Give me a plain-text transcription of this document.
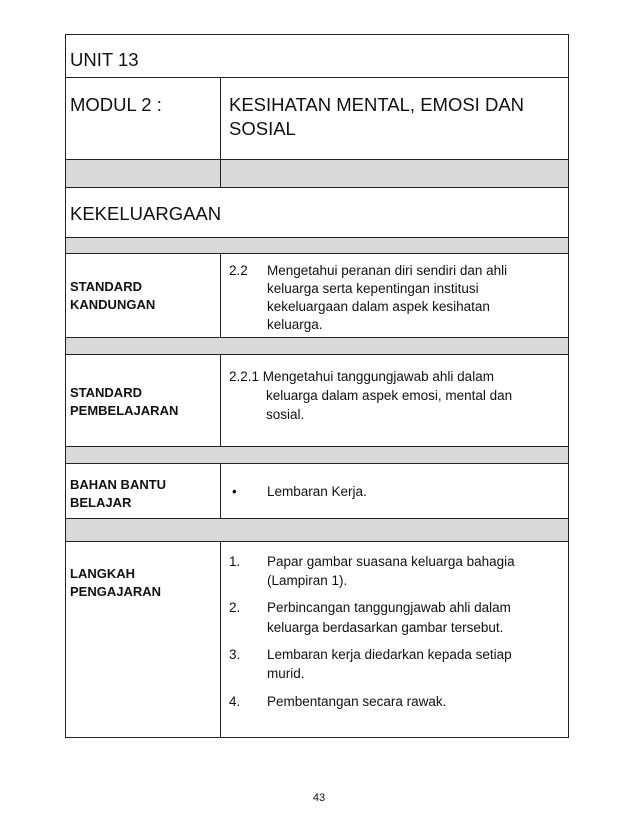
UNIT 13
MODUL 2 :	KESIHATAN MENTAL, EMOSI DAN
SOSIAL
KEKELUARGAAN
STANDARD
KANDUNGAN
2.2 Mengetahui peranan diri sendiri dan ahli
keluarga serta kepentingan institusi
kekeluargaan dalam aspek kesihatan
keluarga.
STANDARD
PEMBELAJARAN
2.2.1 Mengetahui tanggungjawab ahli dalam
keluarga dalam aspek emosi, mental dan
sosial.
BAHAN BANTU
BELAJAR
• Lembaran Kerja.
LANGKAH
PENGAJARAN
1. Papar gambar suasana keluarga bahagia
(Lampiran 1).
2. Perbincangan tanggungjawab ahli dalam
keluarga berdasarkan gambar tersebut.
3. Lembaran kerja diedarkan kepada setiap
murid.
4. Pembentangan secara rawak.
43
